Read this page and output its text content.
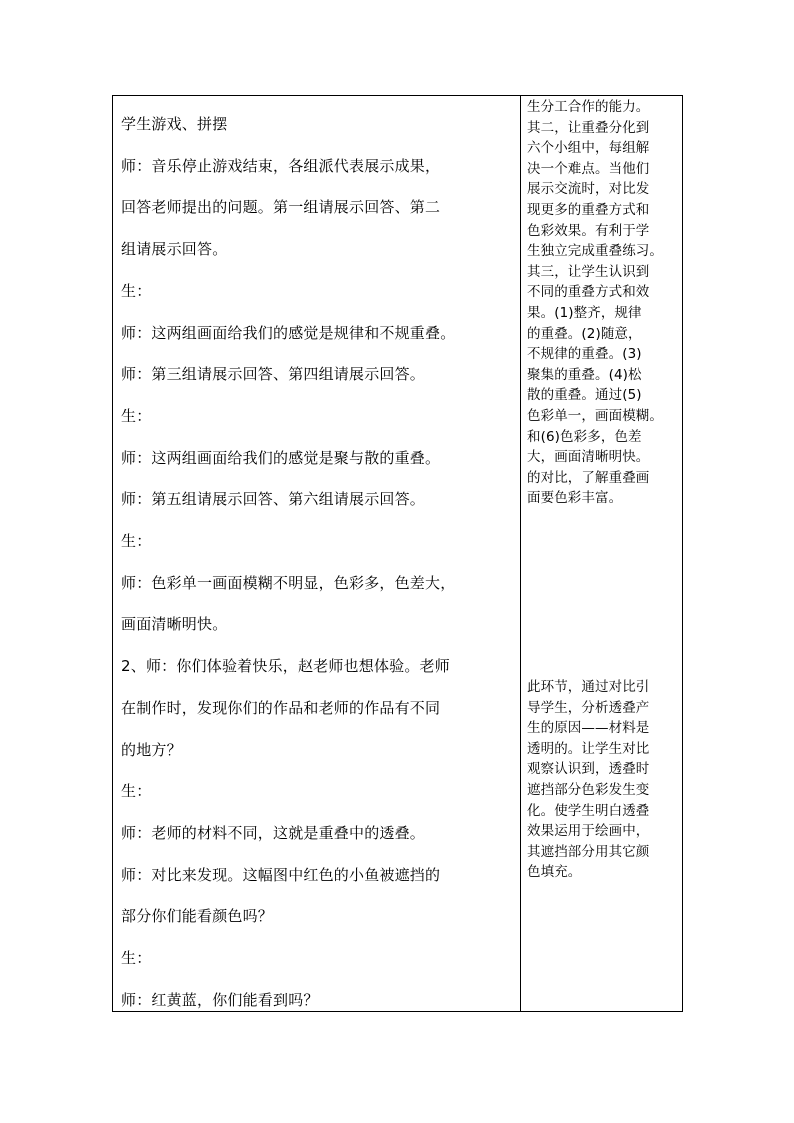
学生游戏、拼摆
师：音乐停止游戏结束，各组派代表展示成果，
回答老师提出的问题。第一组请展示回答、第二
组请展示回答。
生：
师：这两组画面给我们的感觉是规律和不规重叠。
师：第三组请展示回答、第四组请展示回答。
生：
师：这两组画面给我们的感觉是聚与散的重叠。
师：第五组请展示回答、第六组请展示回答。
生：
师：色彩单一画面模糊不明显，色彩多，色差大，
画面清晰明快。
2、师：你们体验着快乐，赵老师也想体验。老师
在制作时，发现你们的作品和老师的作品有不同
的地方？
生：
师：老师的材料不同，这就是重叠中的透叠。
师：对比来发现。这幅图中红色的小鱼被遮挡的
部分你们能看颜色吗？
生：
师：红黄蓝，你们能看到吗？
生分工合作的能力。
其二，让重叠分化到
六个小组中，每组解
决一个难点。当他们
展示交流时，对比发
现更多的重叠方式和
色彩效果。有利于学
生独立完成重叠练习。
其三，让学生认识到
不同的重叠方式和效
果。(1)整齐，规律
的重叠。(2)随意，
不规律的重叠。(3)
聚集的重叠。(4)松
散的重叠。通过(5)
色彩单一，画面模糊。
和(6)色彩多，色差
大，画面清晰明快。
的对比，了解重叠画
面要色彩丰富。
此环节，通过对比引
导学生，分析透叠产
生的原因——材料是
透明的。让学生对比
观察认识到，透叠时
遮挡部分色彩发生变
化。使学生明白透叠
效果运用于绘画中，
其遮挡部分用其它颜
色填充。
